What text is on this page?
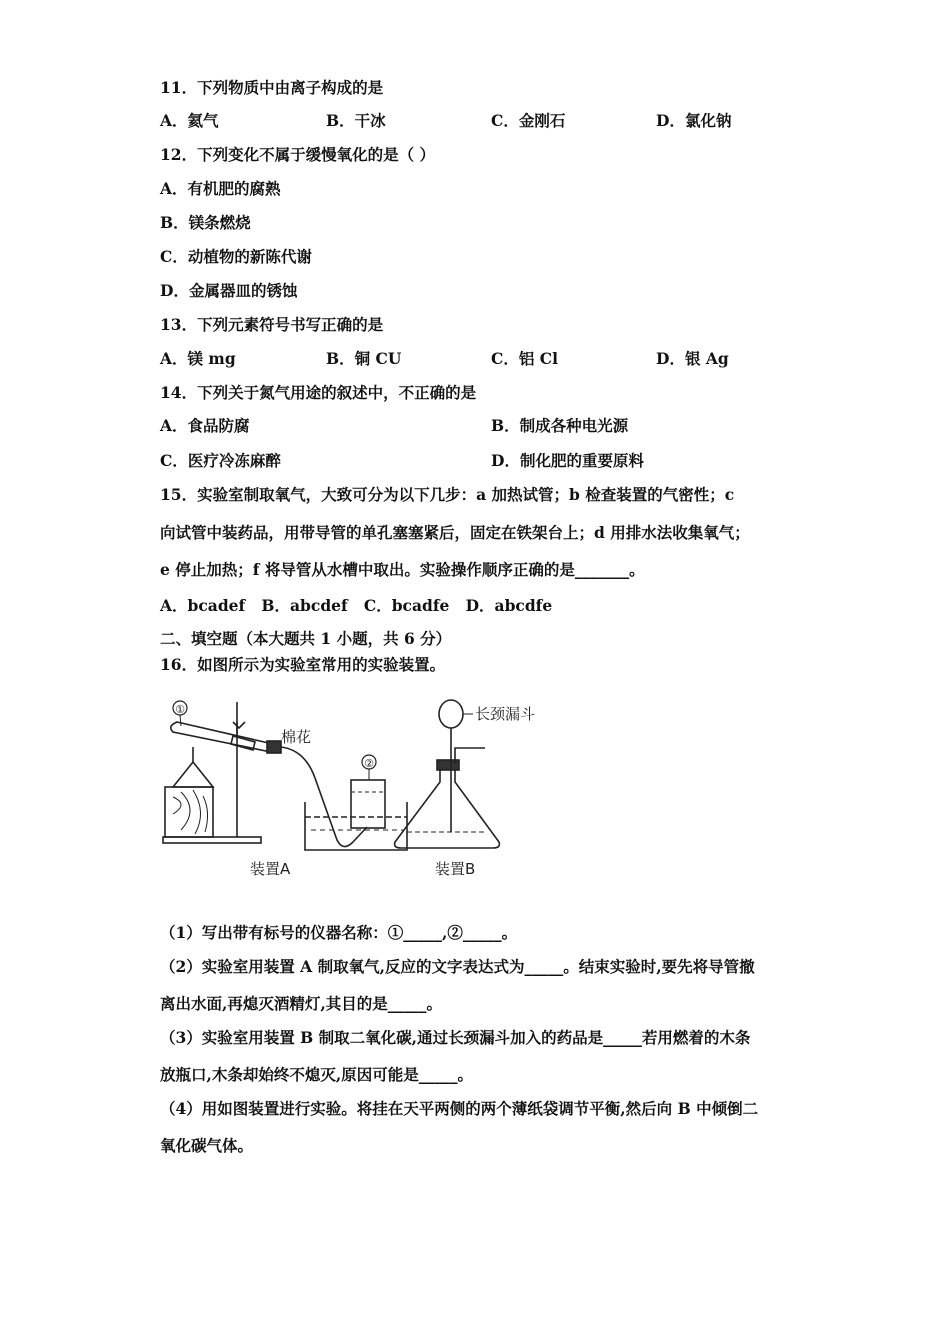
11．下列物质中由离子构成的是
A．氦气	B．干冰	C．金刚石	D．氯化钠
12．下列变化不属于缓慢氧化的是（ ）
A．有机肥的腐熟
B．镁条燃烧
C．动植物的新陈代谢
D．金属器皿的锈蚀
13．下列元素符号书写正确的是
A．镁 mg	B．铜 CU	C．铝 Cl	D．银 Ag
14．下列关于氮气用途的叙述中，不正确的是
A．食品防腐	B．制成各种电光源
C．医疗冷冻麻醉	D．制化肥的重要原料
15．实验室制取氧气，大致可分为以下几步：a 加热试管；b 检查装置的气密性；c
向试管中装药品，用带导管的单孔塞塞紧后，固定在铁架台上；d 用排水法收集氧气；
e 停止加热；f 将导管从水槽中取出。实验操作顺序正确的是_______。
A．bcadef   B．abcdef   C．bcadfe   D．abcdfe
二、填空题（本大题共 1 小题，共 6 分）
16．如图所示为实验室常用的实验装置。
棉花
①
②
长颈漏斗
装置A	装置B
（1）写出带有标号的仪器名称：①_____,②_____。
（2）实验室用装置 A 制取氧气,反应的文字表达式为_____。结束实验时,要先将导管撤
离出水面,再熄灭酒精灯,其目的是_____。
（3）实验室用装置 B 制取二氧化碳,通过长颈漏斗加入的药品是_____若用燃着的木条
放瓶口,木条却始终不熄灭,原因可能是_____。
（4）用如图装置进行实验。将挂在天平两侧的两个薄纸袋调节平衡,然后向 B 中倾倒二
氧化碳气体。
